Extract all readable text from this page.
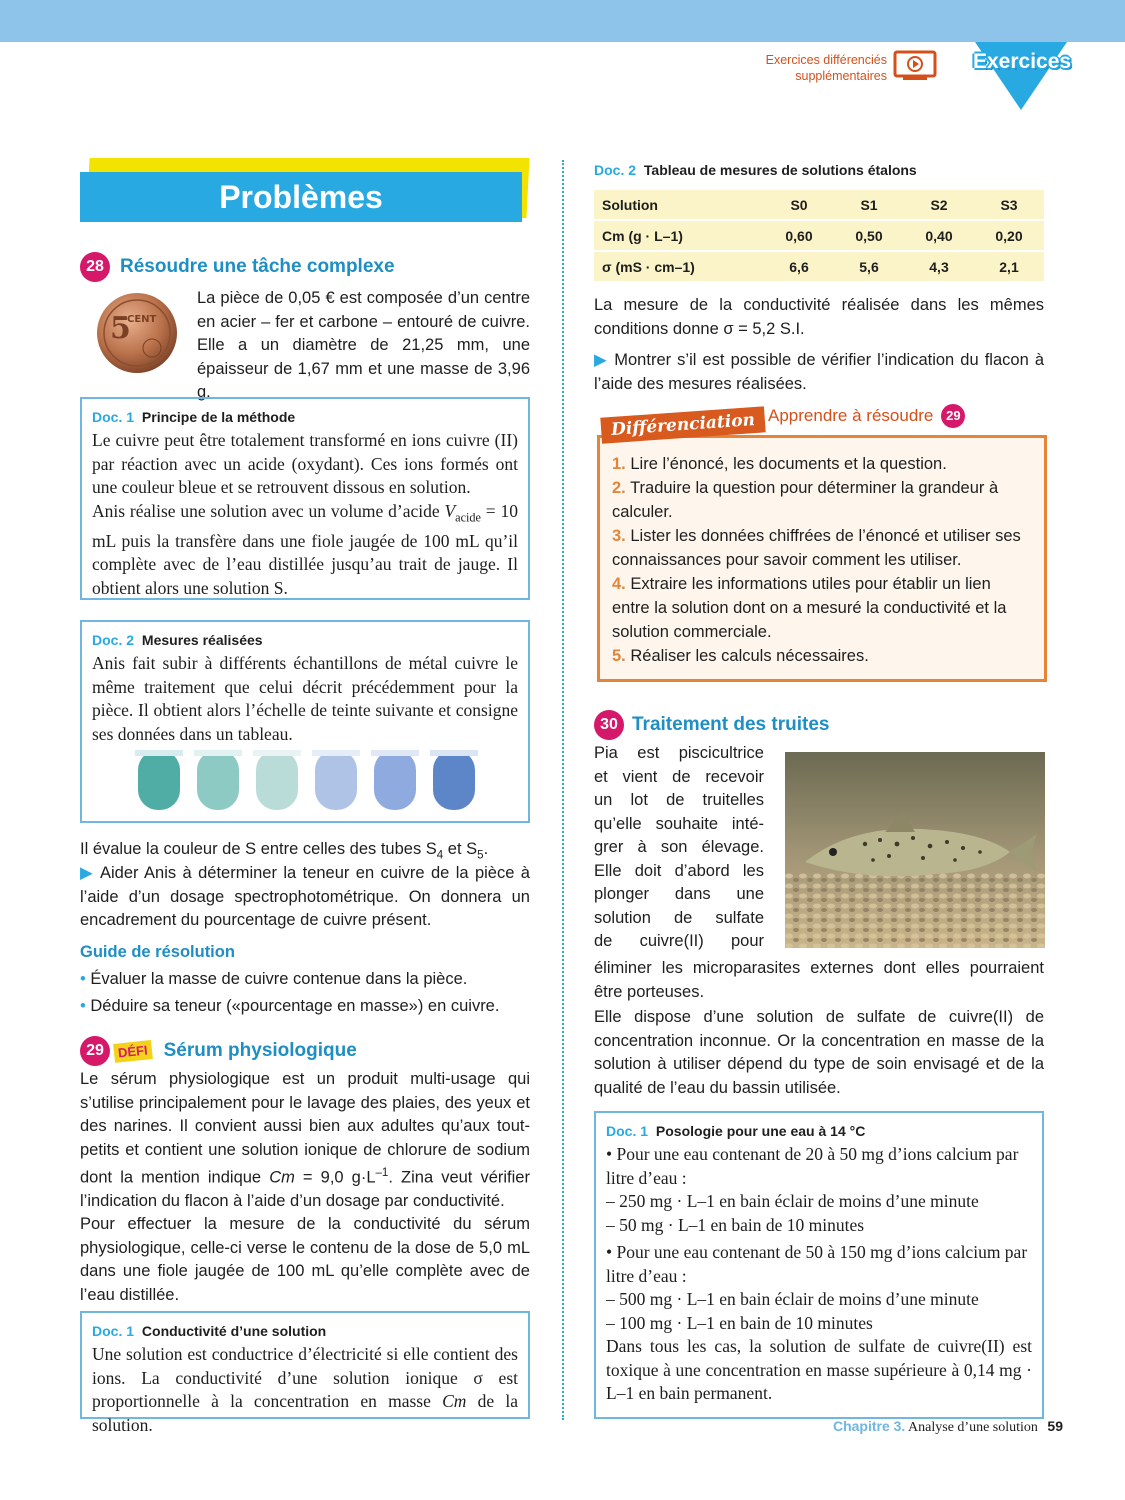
Exercices différenciés
supplémentaires
Exercices
Problèmes
28 Résoudre une tâche complexe
5
CENT
La pièce de 0,05 € est composée d’un centre en acier – fer et carbone – entouré de cuivre. Elle a un diamètre de 21,25 mm, une épaisseur de 1,67 mm et une masse de 3,96 g.
Doc. 1 Principe de la méthode
Le cuivre peut être totalement transformé en ions cuivre (II) par réaction avec un acide (oxydant). Ces ions formés ont une couleur bleue et se retrouvent dissous en solution.
Anis réalise une solution avec un volume d’acide $V_{acide} = 10$ mL puis la transfère dans une fiole jaugée de 100 mL qu’il complète avec de l’eau distillée jusqu’au trait de jauge. Il obtient alors une solution S.
Doc. 2 Mesures réalisées
Anis fait subir à différents échantillons de métal cuivre le même traitement que celui décrit précédemment pour la pièce. Il obtient alors l’échelle de teinte suivante et consigne ses données dans un tableau.
Il évalue la couleur de S entre celles des tubes $S_4$ et $S_5$.
▶ Aider Anis à déterminer la teneur en cuivre de la pièce à l’aide d’un dosage spectrophotométrique. On donnera un encadrement du pourcentage de cuivre présent.
Guide de résolution
• Évaluer la masse de cuivre contenue dans la pièce.
• Déduire sa teneur («pourcentage en masse») en cuivre.
29	DÉFI Sérum physiologique
Le sérum physiologique est un produit multi-usage qui s’utilise principalement pour le lavage des plaies, des yeux et des narines. Il convient aussi bien aux adultes qu’aux tout-petits et contient une solution ionique de chlorure de sodium dont la mention indique Cm = 9,0 $g\cdot L^{-1}$. Zina veut vérifier l’indication du flacon à l’aide d’un dosage par conductivité.
Pour effectuer la mesure de la conductivité du sérum physiologique, celle-ci verse le contenu de la dose de 5,0 mL dans une fiole jaugée de 100 mL qu’elle complète avec de l’eau distillée.
Doc. 1 Conductivité d’une solution
Une solution est conductrice d’électricité si elle contient des ions. La conductivité d’une solution ionique σ est proportionnelle à la concentration en masse Cm de la solution.
Doc. 2 Tableau de mesures de solutions étalons
Solution	S0	S1	S2	S3
Cm (g · L–1)	0,60	0,50	0,40	0,20
σ (mS · cm–1)	6,6	5,6	4,3	2,1
La mesure de la conductivité réalisée dans les mêmes conditions donne σ = 5,2 S.I.
▶ Montrer s’il est possible de vérifier l’indication du flacon à l’aide des mesures réalisées.
1. Lire l’énoncé, les documents et la question.
2. Traduire la question pour déterminer la grandeur à calculer.
3. Lister les données chiffrées de l’énoncé et utiliser ses connaissances pour savoir comment les utiliser.
4. Extraire les informations utiles pour établir un lien entre la solution dont on a mesuré la conductivité et la solution commerciale.
5. Réaliser les calculs nécessaires.
Différenciation Apprendre à résoudre 29
30 Traitement des truites
Pia est piscicultrice
et vient de recevoir
un lot de truitelles
qu’elle souhaite inté-
grer à son élevage.
Elle doit d’abord les
plonger dans une
solution de sulfate
de cuivre(II) pour
éliminer les microparasites externes dont elles pourraient être porteuses.
Elle dispose d’une solution de sulfate de cuivre(II) de concentration inconnue. Or la concentration en masse de la solution à utiliser dépend du type de soin envisagé et de la qualité de l’eau du bassin utilisée.
Doc. 1 Posologie pour une eau à 14 °C
• Pour une eau contenant de 20 à 50 mg d’ions calcium par litre d’eau :
– 250 mg · L–1 en bain éclair de moins d’une minute
– 50 mg · L–1 en bain de 10 minutes
• Pour une eau contenant de 50 à 150 mg d’ions calcium par litre d’eau :
– 500 mg · L–1 en bain éclair de moins d’une minute
– 100 mg · L–1 en bain de 10 minutes
Dans tous les cas, la solution de sulfate de cuivre(II) est toxique à une concentration en masse supérieure à 0,14 mg · L–1 en bain permanent.
Chapitre 3. Analyse d’une solution 59
